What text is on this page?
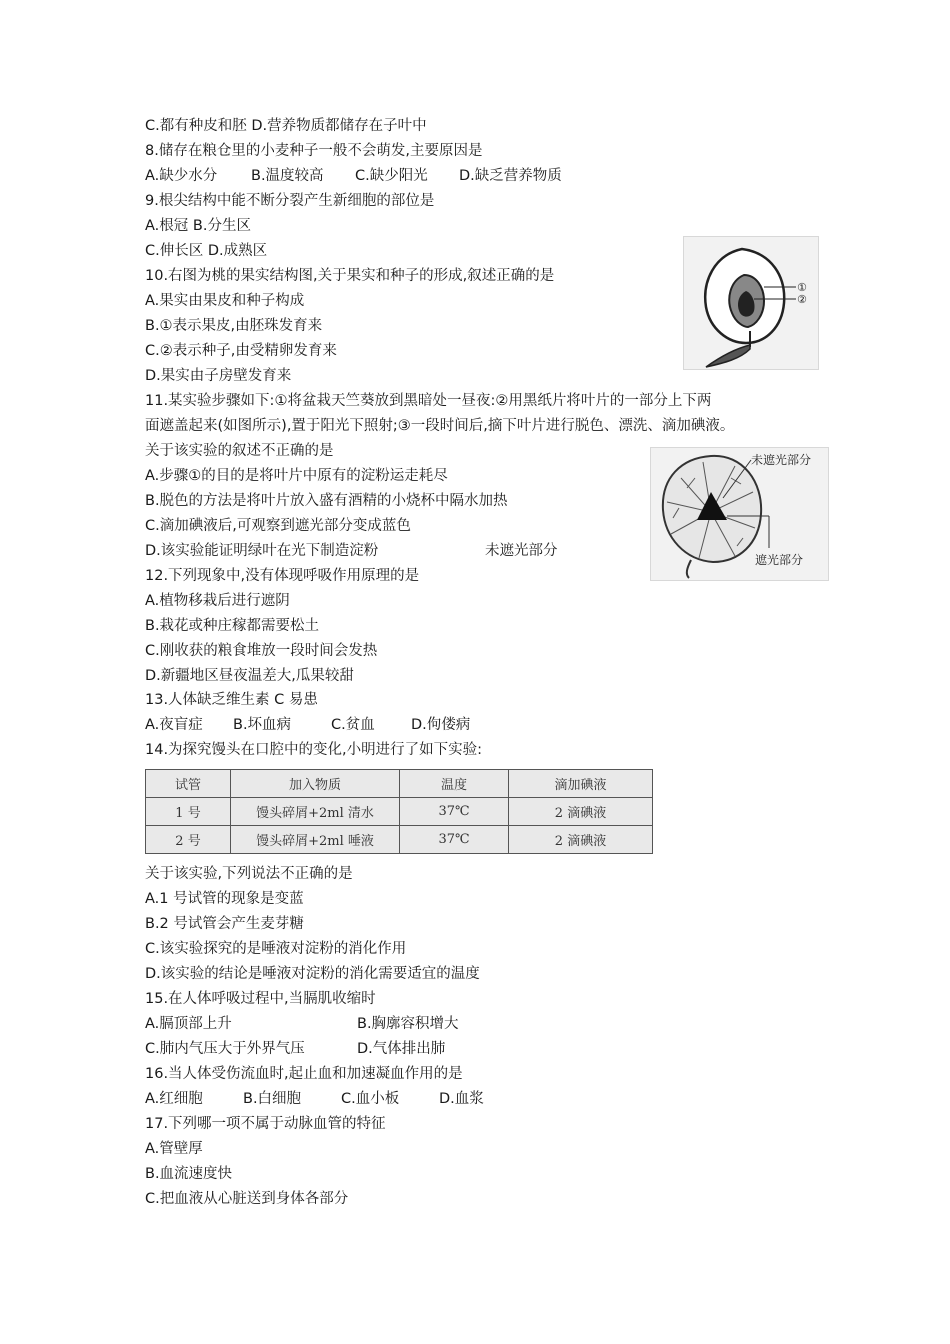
C.都有种皮和胚 D.营养物质都储存在子叶中
8.储存在粮仓里的小麦种子一般不会萌发,主要原因是
A.缺少水分 B.温度较高 C.缺少阳光 D.缺乏营养物质
9.根尖结构中能不断分裂产生新细胞的部位是
A.根冠 B.分生区
C.伸长区 D.成熟区
10.右图为桃的果实结构图,关于果实和种子的形成,叙述正确的是
A.果实由果皮和种子构成
B.①表示果皮,由胚珠发育来
C.②表示种子,由受精卵发育来
D.果实由子房壁发育来
①
②
11.某实验步骤如下:①将盆栽天竺葵放到黑暗处一昼夜:②用黑纸片将叶片的一部分上下两
面遮盖起来(如图所示),置于阳光下照射;③一段时间后,摘下叶片进行脱色、漂洗、滴加碘液。
关于该实验的叙述不正确的是
A.步骤①的目的是将叶片中原有的淀粉运走耗尽
B.脱色的方法是将叶片放入盛有酒精的小烧杯中隔水加热
C.滴加碘液后,可观察到遮光部分变成蓝色
D.该实验能证明绿叶在光下制造淀粉	未遮光部分
未遮光部分
遮光部分
12.下列现象中,没有体现呼吸作用原理的是
A.植物移栽后进行遮阴
B.栽花或种庄稼都需要松土
C.刚收获的粮食堆放一段时间会发热
D.新疆地区昼夜温差大,瓜果较甜
13.人体缺乏维生素 C 易患
A.夜盲症 B.坏血病	C.贫血	D.佝偻病
14.为探究馒头在口腔中的变化,小明进行了如下实验:
试管	加入物质	温度	滴加碘液
1 号	馒头碎屑+2ml 清水	37℃	2 滴碘液
2 号	馒头碎屑+2ml 唾液	37℃	2 滴碘液
关于该实验,下列说法不正确的是
A.1 号试管的现象是变蓝
B.2 号试管会产生麦芽糖
C.该实验探究的是唾液对淀粉的消化作用
D.该实验的结论是唾液对淀粉的消化需要适宜的温度
15.在人体呼吸过程中,当膈肌收缩时
A.膈顶部上升	B.胸廓容积增大
C.肺内气压大于外界气压	D.气体排出肺
16.当人体受伤流血时,起止血和加速凝血作用的是
A.红细胞	B.白细胞	C.血小板	D.血浆
17.下列哪一项不属于动脉血管的特征
A.管壁厚
B.血流速度快
C.把血液从心脏送到身体各部分
